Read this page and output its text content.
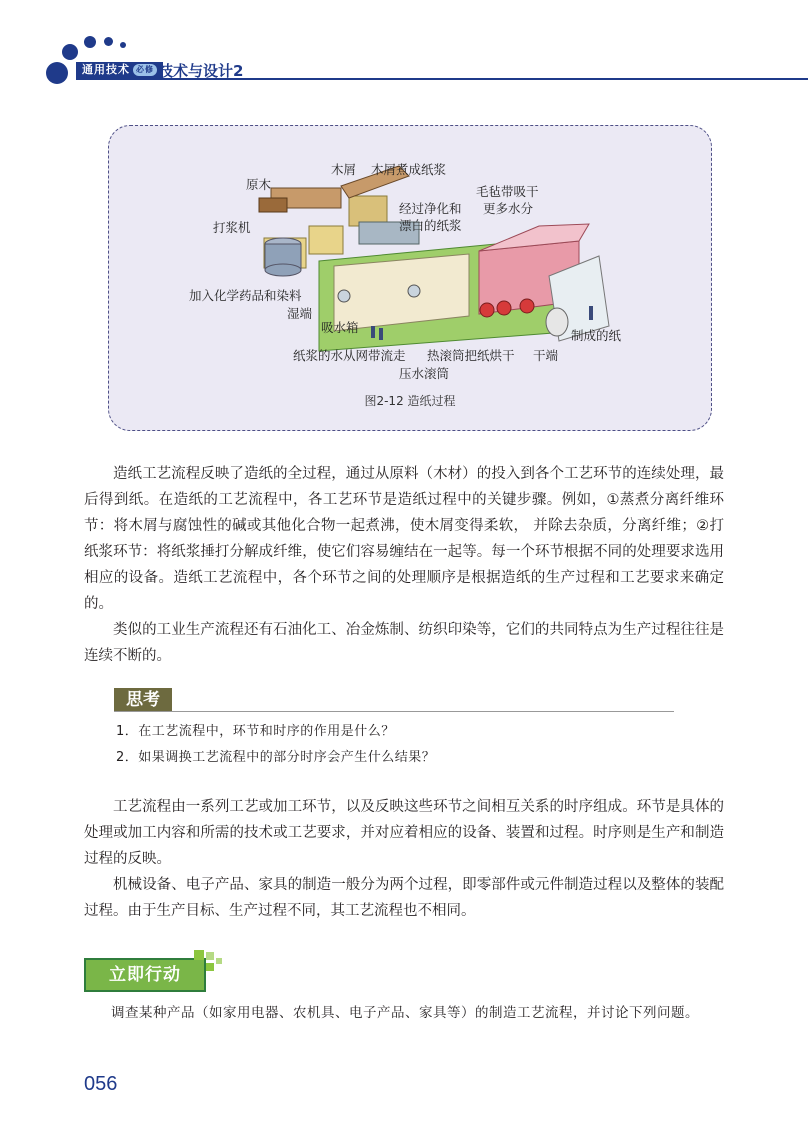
通用技术 必修 技术与设计2
原木
木屑 木屑煮成纸浆
毛毡带吸干
更多水分
经过净化和
漂白的纸浆
打浆机
加入化学药品和染料
湿端
吸水箱
制成的纸
纸浆的水从网带流走 热滚筒把纸烘干 干端
压水滚筒
图2-12 造纸过程

造纸工艺流程反映了造纸的全过程，通过从原料（木材）的投入到各个工艺环节的连续处理，最后得到纸。在造纸的工艺流程中，各工艺环节是造纸过程中的关键步骤。例如，①蒸煮分离纤维环节：将木屑与腐蚀性的碱或其他化合物一起煮沸，使木屑变得柔软， 并除去杂质，分离纤维；②打纸浆环节：将纸浆捶打分解成纤维，使它们容易缠结在一起等。每一个环节根据不同的处理要求选用相应的设备。造纸工艺流程中，各个环节之间的处理顺序是根据造纸的生产过程和工艺要求来确定的。

类似的工业生产流程还有石油化工、冶金炼制、纺织印染等，它们的共同特点为生产过程往往是连续不断的。

思考
1．在工艺流程中，环节和时序的作用是什么？
2．如果调换工艺流程中的部分时序会产生什么结果？

工艺流程由一系列工艺或加工环节，以及反映这些环节之间相互关系的时序组成。环节是具体的处理或加工内容和所需的技术或工艺要求，并对应着相应的设备、装置和过程。时序则是生产和制造过程的反映。

机械设备、电子产品、家具的制造一般分为两个过程，即零部件或元件制造过程以及整体的装配过程。由于生产目标、生产过程不同，其工艺流程也不相同。

立即行动

调查某种产品（如家用电器、农机具、电子产品、家具等）的制造工艺流程，并讨论下列问题。

056
